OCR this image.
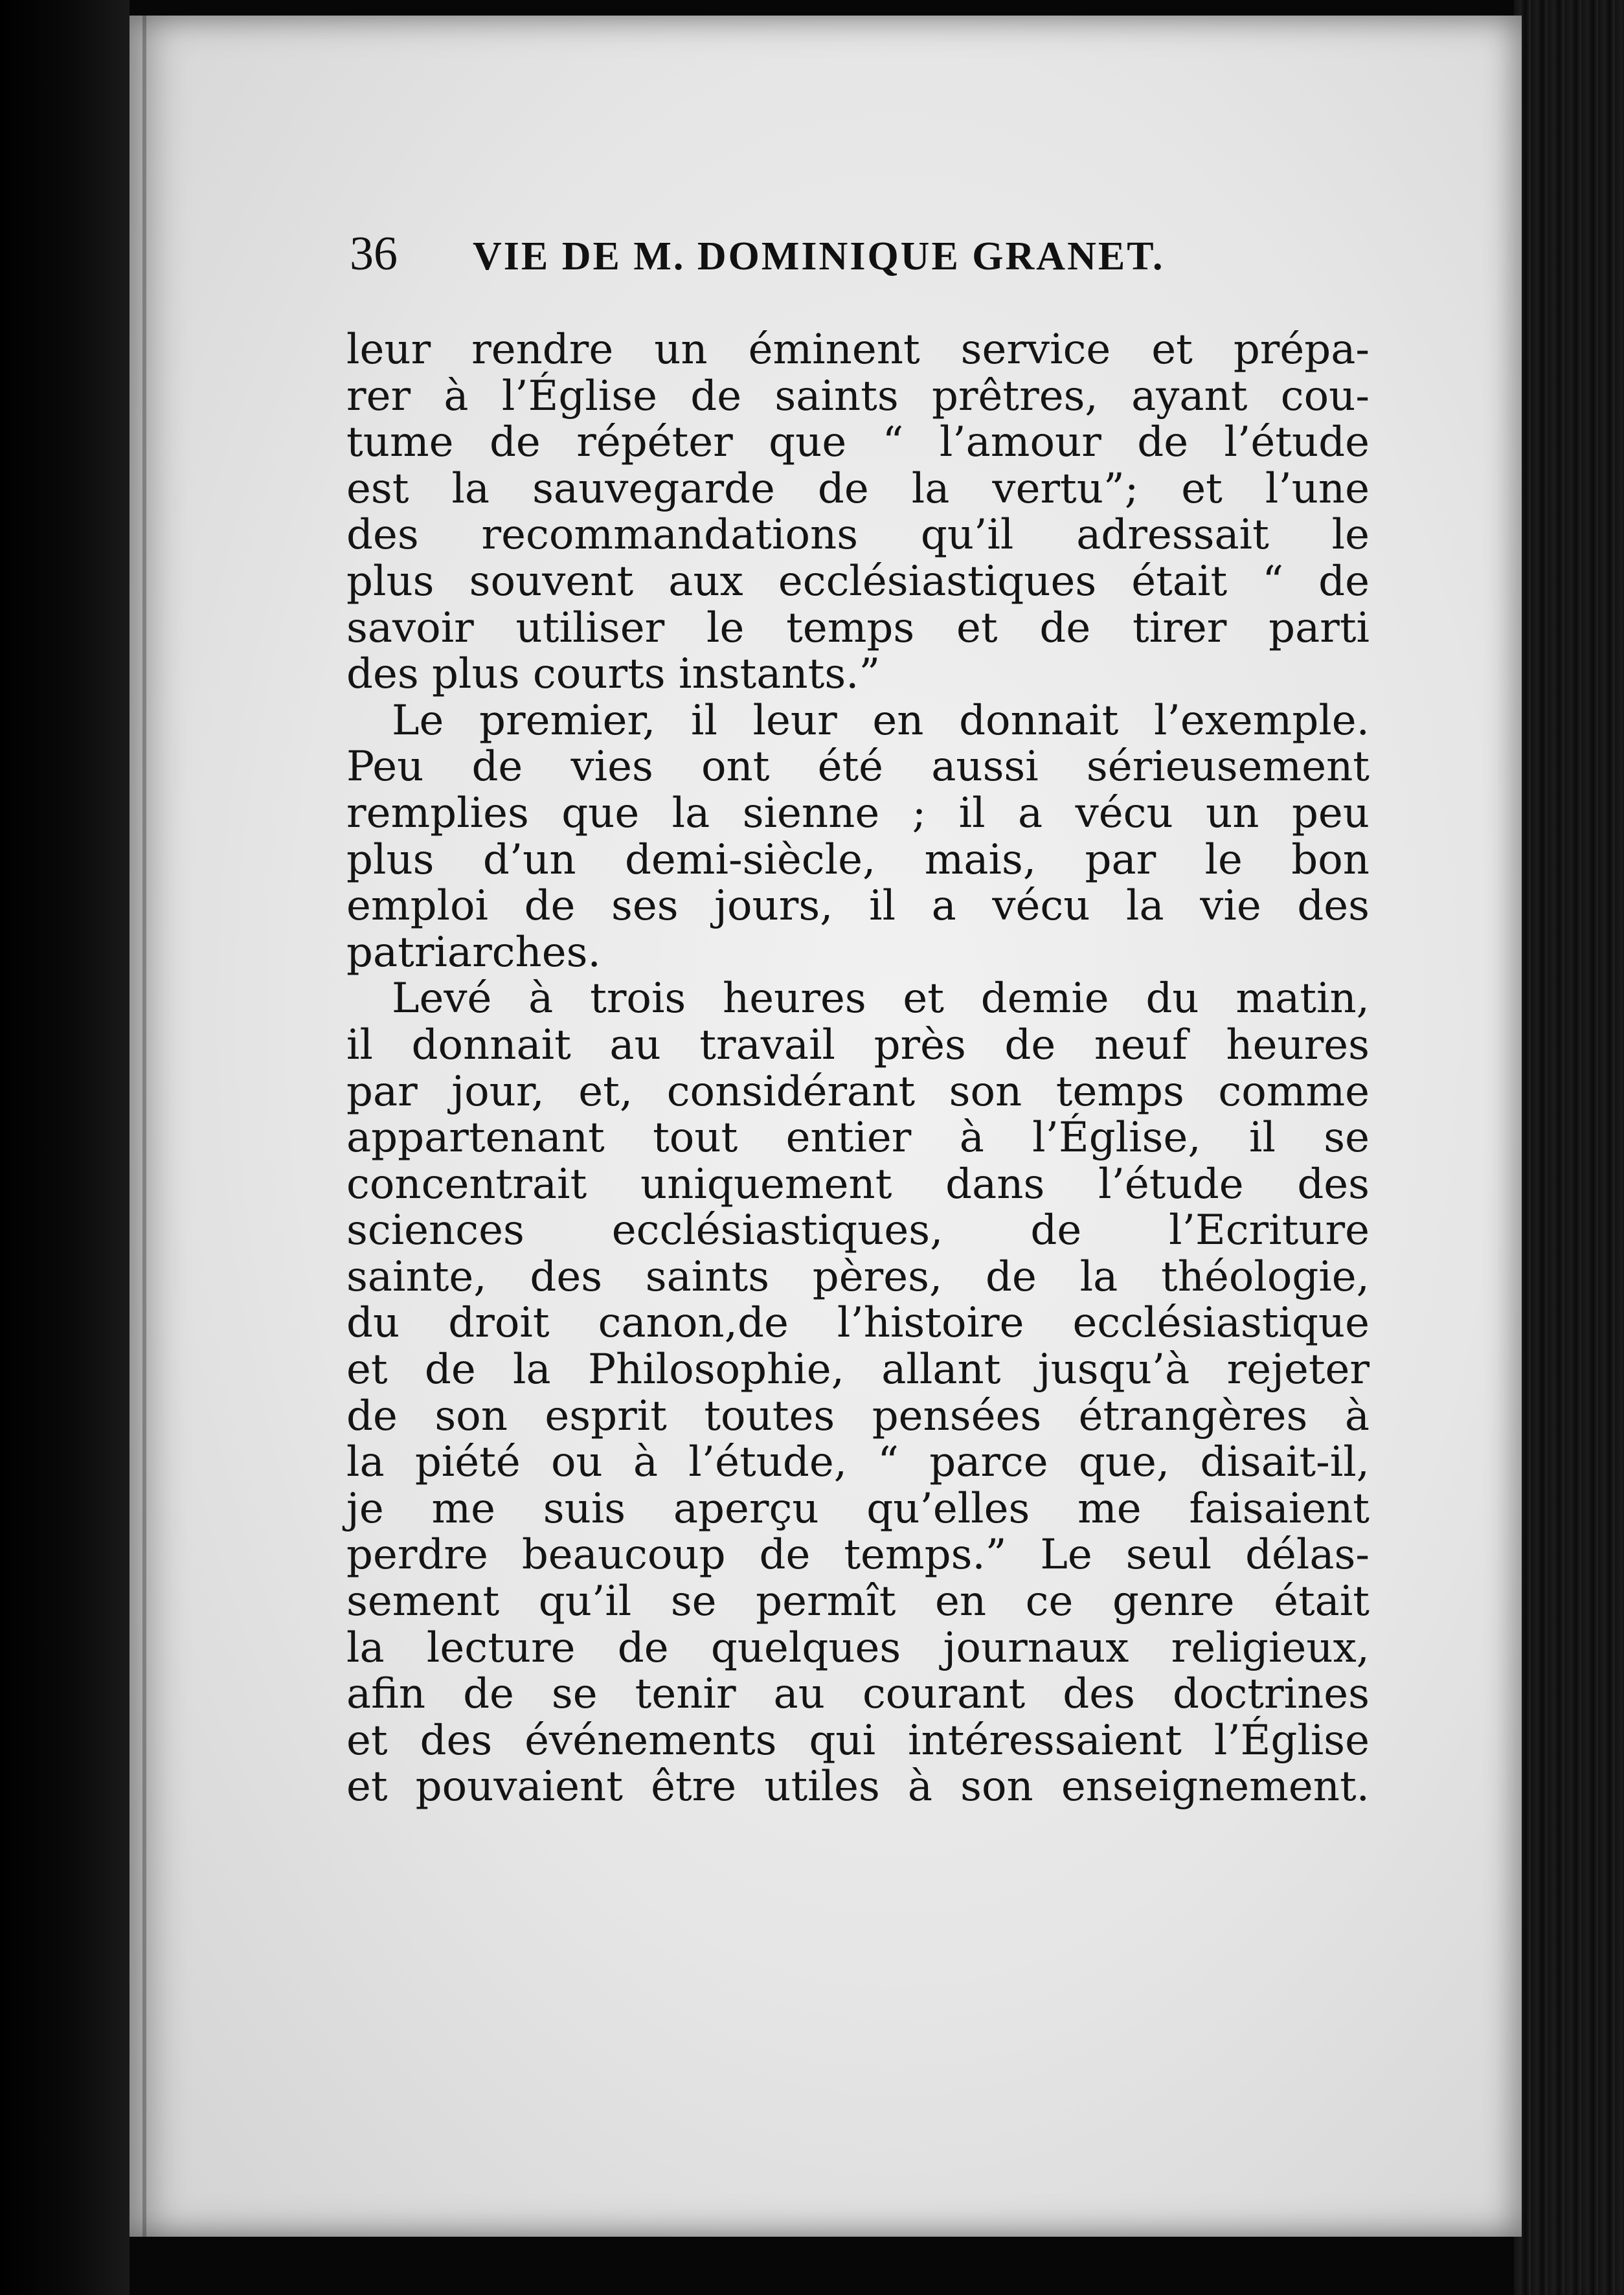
36	VIE DE M. DOMINIQUE GRANET.
leur rendre un éminent service et prépa-
rer à l’Église de saints prêtres, ayant cou-
tume de répéter que “ l’amour de l’étude
est la sauvegarde de la vertu”; et l’une
des recommandations qu’il adressait le
plus souvent aux ecclésiastiques était “ de
savoir utiliser le temps et de tirer parti
des plus courts instants.”
Le premier, il leur en donnait l’exemple.
Peu de vies ont été aussi sérieusement
remplies que la sienne ; il a vécu un peu
plus d’un demi-siècle, mais, par le bon
emploi de ses jours, il a vécu la vie des
patriarches.
Levé à trois heures et demie du matin,
il donnait au travail près de neuf heures
par jour, et, considérant son temps comme
appartenant tout entier à l’Église, il se
concentrait uniquement dans l’étude des
sciences ecclésiastiques, de l’Ecriture
sainte, des saints pères, de la théologie,
du droit canon,de l’histoire ecclésiastique
et de la Philosophie, allant jusqu’à rejeter
de son esprit toutes pensées étrangères à
la piété ou à l’étude, “ parce que, disait-il,
je me suis aperçu qu’elles me faisaient
perdre beaucoup de temps.” Le seul délas-
sement qu’il se permît en ce genre était
la lecture de quelques journaux religieux,
afin de se tenir au courant des doctrines
et des événements qui intéressaient l’Église
et pouvaient être utiles à son enseignement.
